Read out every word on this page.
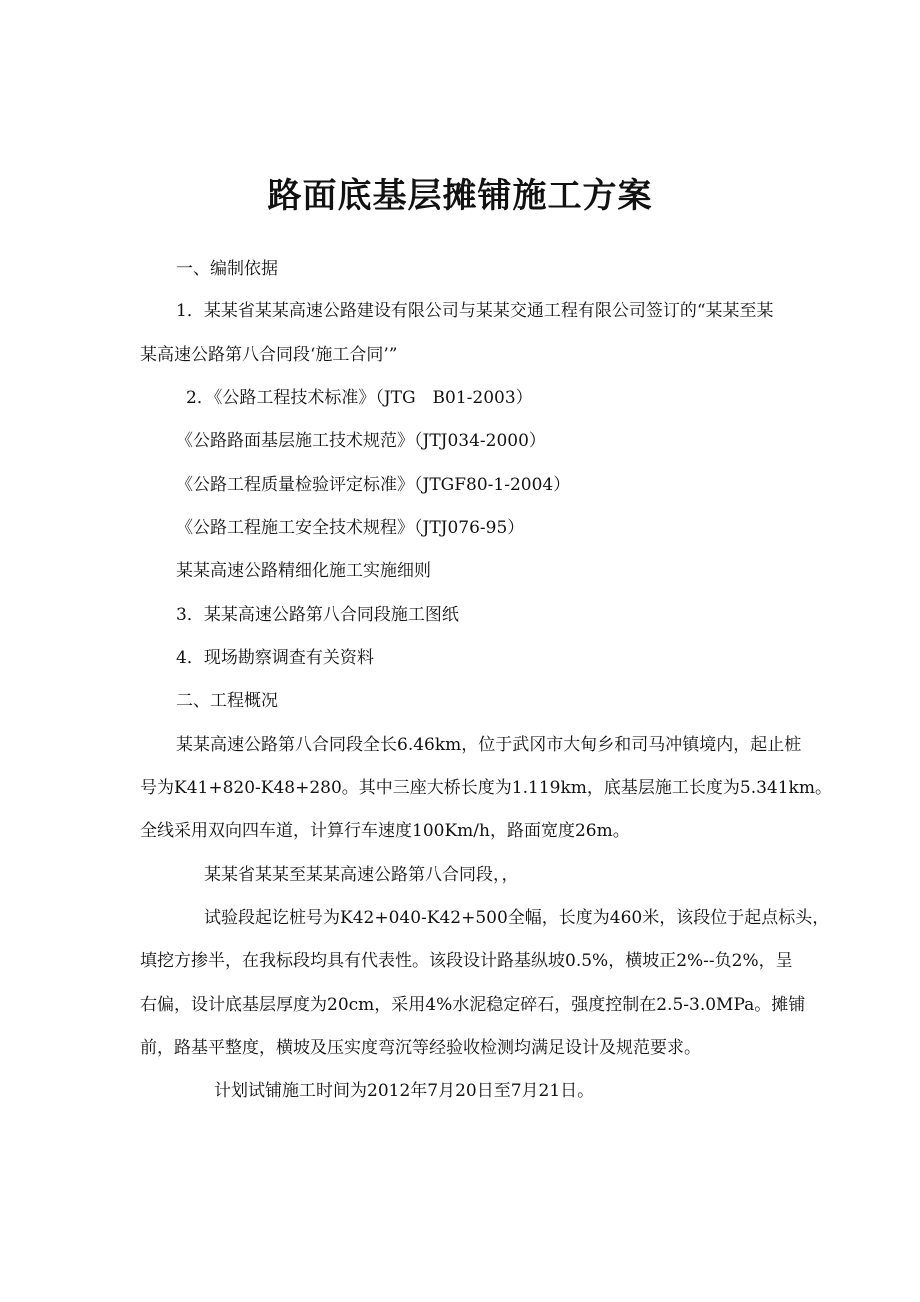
路面底基层摊铺施工方案
一、编制依据
1．某某省某某高速公路建设有限公司与某某交通工程有限公司签订的“某某至某
某高速公路第八合同段‘施工合同’”
2．《公路工程技术标准》（JTG　B01-2003）
《公路路面基层施工技术规范》（JTJ034-2000）
《公路工程质量检验评定标准》（JTGF80-1-2004）
《公路工程施工安全技术规程》（JTJ076-95）
某某高速公路精细化施工实施细则
3．某某高速公路第八合同段施工图纸
4．现场勘察调查有关资料
二、工程概况
某某高速公路第八合同段全长6.46km，位于武冈市大甸乡和司马冲镇境内，起止桩
号为K41+820-K48+280。其中三座大桥长度为1.119km，底基层施工长度为5.341km。
全线采用双向四车道，计算行车速度100Km/h，路面宽度26m。
某某省某某至某某高速公路第八合同段，，
试验段起讫桩号为K42+040-K42+500全幅，长度为460米，该段位于起点标头，
填挖方掺半，在我标段均具有代表性。该段设计路基纵坡0.5%，横坡正2%--负2%，呈
右偏，设计底基层厚度为20cm，采用4%水泥稳定碎石，强度控制在2.5-3.0MPa。摊铺
前，路基平整度，横坡及压实度弯沉等经验收检测均满足设计及规范要求。
计划试铺施工时间为2012年7月20日至7月21日。
